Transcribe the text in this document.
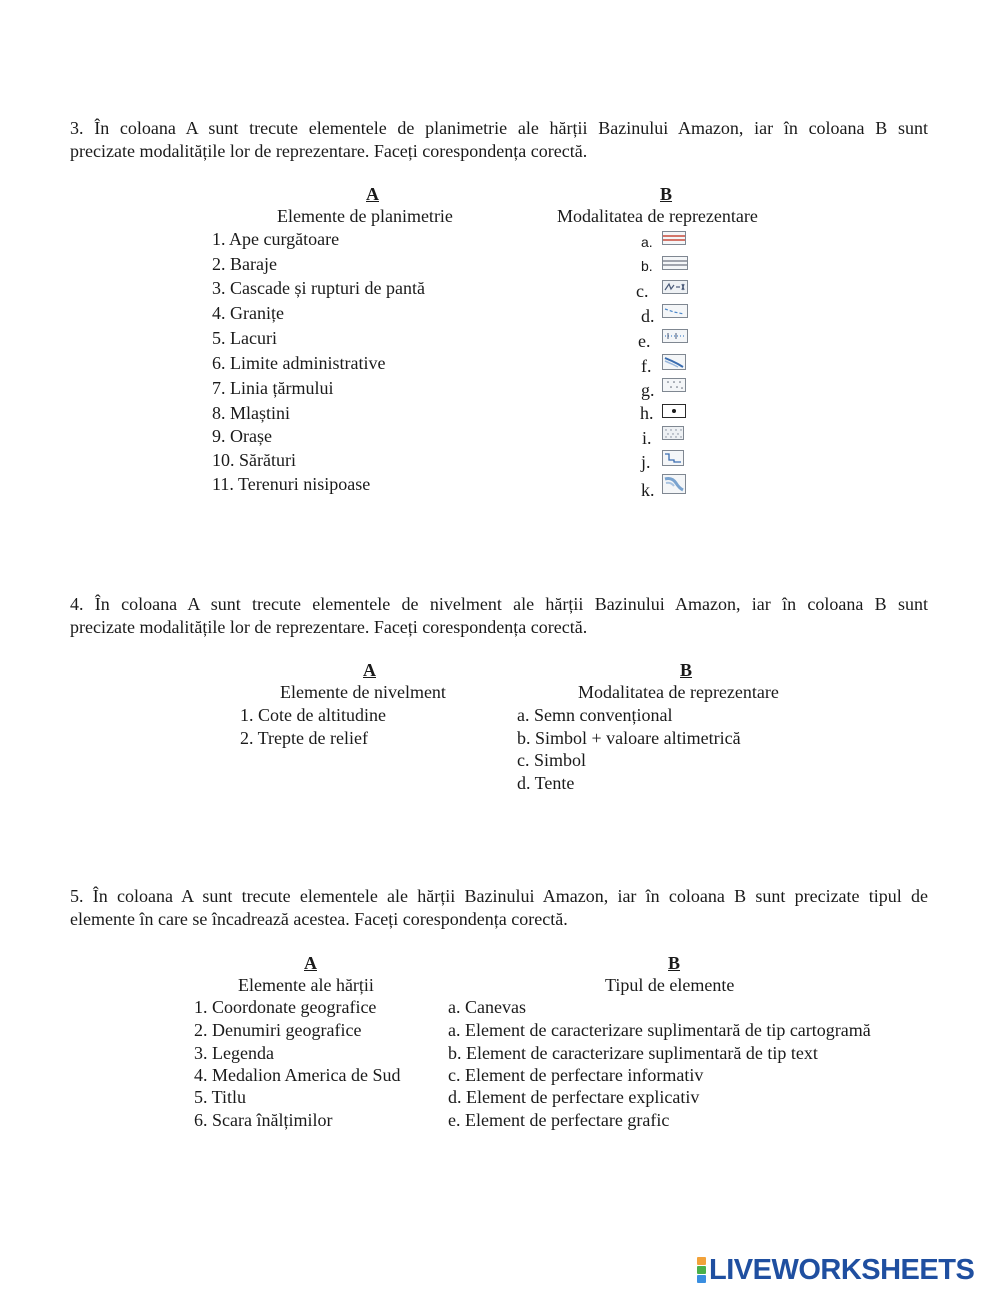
3. În coloana A sunt trecute elementele de planimetrie ale hărții Bazinului Amazon, iar în coloana B sunt
precizate modalitățile lor de reprezentare. Faceți corespondența corectă.
A
Elemente de planimetrie
B
Modalitatea de reprezentare
1. Ape curgătoare
2. Baraje
3. Cascade și rupturi de pantă
4. Granițe
5. Lacuri
6. Limite administrative
7. Linia țărmului
8. Mlaștini
9. Orașe
10. Sărături
11. Terenuri nisipoase
a.
b.
c.
d.
e.
f.
g.
h.
i.
j.
k.
4. În coloana A sunt trecute elementele de nivelment ale hărții Bazinului Amazon, iar în coloana B sunt
precizate modalitățile lor de reprezentare. Faceți corespondența corectă.
A
Elemente de nivelment
B
Modalitatea de reprezentare
1. Cote de altitudine
2. Trepte de relief
a. Semn convențional
b. Simbol + valoare altimetrică
c. Simbol
d. Tente
5. În coloana A sunt trecute elementele ale hărții Bazinului Amazon, iar în coloana B sunt precizate tipul de
elemente în care se încadrează acestea. Faceți corespondența corectă.
A
Elemente ale hărții
B
Tipul de elemente
1. Coordonate geografice
2. Denumiri geografice
3. Legenda
4. Medalion America de Sud
5. Titlu
6. Scara înălțimilor
a. Canevas
a. Element de caracterizare suplimentară de tip cartogramă
b. Element de caracterizare suplimentară de tip text
c. Element de perfectare informativ
d. Element de perfectare explicativ
e. Element de perfectare grafic
LIVEWORKSHEETS
